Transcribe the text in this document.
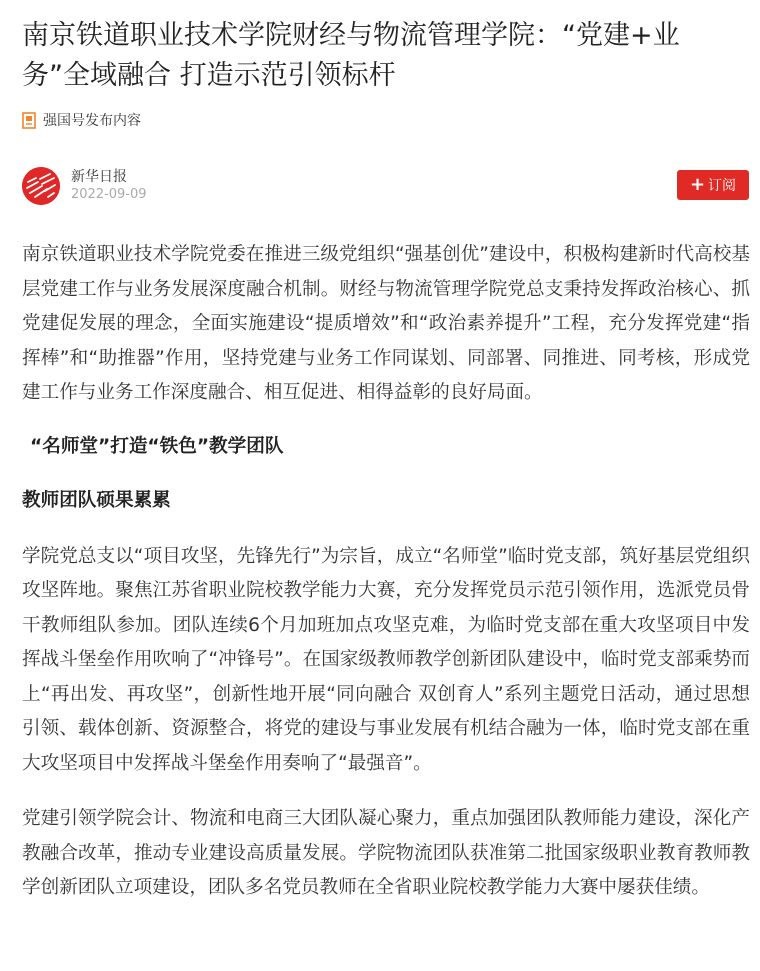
南京铁道职业技术学院财经与物流管理学院：“党建+业务”全域融合 打造示范引领标杆
强国号发布内容
新华日报
2022-09-09	+ 订阅

南京铁道职业技术学院党委在推进三级党组织“强基创优”建设中，积极构建新时代高校基层党建工作与业务发展深度融合机制。财经与物流管理学院党总支秉持发挥政治核心、抓党建促发展的理念，全面实施建设“提质增效”和“政治素养提升”工程，充分发挥党建“指挥棒”和“助推器”作用，坚持党建与业务工作同谋划、同部署、同推进、同考核，形成党建工作与业务工作深度融合、相互促进、相得益彰的良好局面。

“名师堂”打造“铁色”教学团队

教师团队硕果累累

学院党总支以“项目攻坚，先锋先行”为宗旨，成立“名师堂”临时党支部，筑好基层党组织攻坚阵地。聚焦江苏省职业院校教学能力大赛，充分发挥党员示范引领作用，选派党员骨干教师组队参加。团队连续6个月加班加点攻坚克难，为临时党支部在重大攻坚项目中发挥战斗堡垒作用吹响了“冲锋号”。在国家级教师教学创新团队建设中，临时党支部乘势而上“再出发、再攻坚”，创新性地开展“同向融合 双创育人”系列主题党日活动，通过思想引领、载体创新、资源整合，将党的建设与事业发展有机结合融为一体，临时党支部在重大攻坚项目中发挥战斗堡垒作用奏响了“最强音”。

党建引领学院会计、物流和电商三大团队凝心聚力，重点加强团队教师能力建设，深化产教融合改革，推动专业建设高质量发展。学院物流团队获准第二批国家级职业教育教师教学创新团队立项建设，团队多名党员教师在全省职业院校教学能力大赛中屡获佳绩。
